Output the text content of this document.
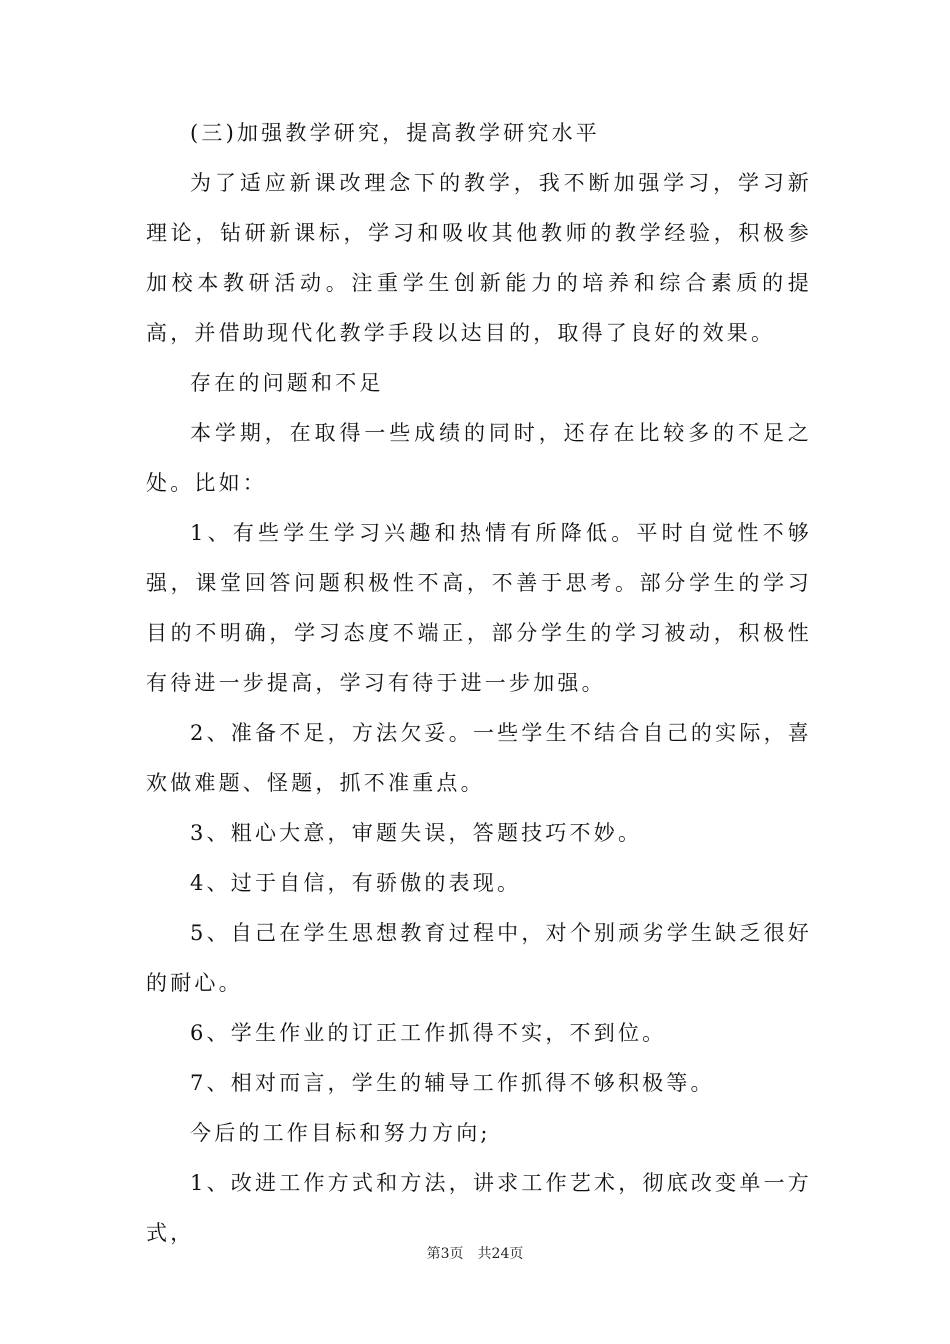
(三)加强教学研究，提高教学研究水平

为了适应新课改理念下的教学，我不断加强学习，学习新理论，钻研新课标，学习和吸收其他教师的教学经验，积极参加校本教研活动。注重学生创新能力的培养和综合素质的提高，并借助现代化教学手段以达目的，取得了良好的效果。

存在的问题和不足

本学期，在取得一些成绩的同时，还存在比较多的不足之处。比如：

1、有些学生学习兴趣和热情有所降低。平时自觉性不够强，课堂回答问题积极性不高，不善于思考。部分学生的学习目的不明确，学习态度不端正，部分学生的学习被动，积极性有待进一步提高，学习有待于进一步加强。

2、准备不足，方法欠妥。一些学生不结合自己的实际，喜欢做难题、怪题，抓不准重点。

3、粗心大意，审题失误，答题技巧不妙。

4、过于自信，有骄傲的表现。

5、自己在学生思想教育过程中，对个别顽劣学生缺乏很好的耐心。

6、学生作业的订正工作抓得不实，不到位。

7、相对而言，学生的辅导工作抓得不够积极等。

今后的工作目标和努力方向;

1、改进工作方式和方法，讲求工作艺术，彻底改变单一方式，

第3页 共24页
